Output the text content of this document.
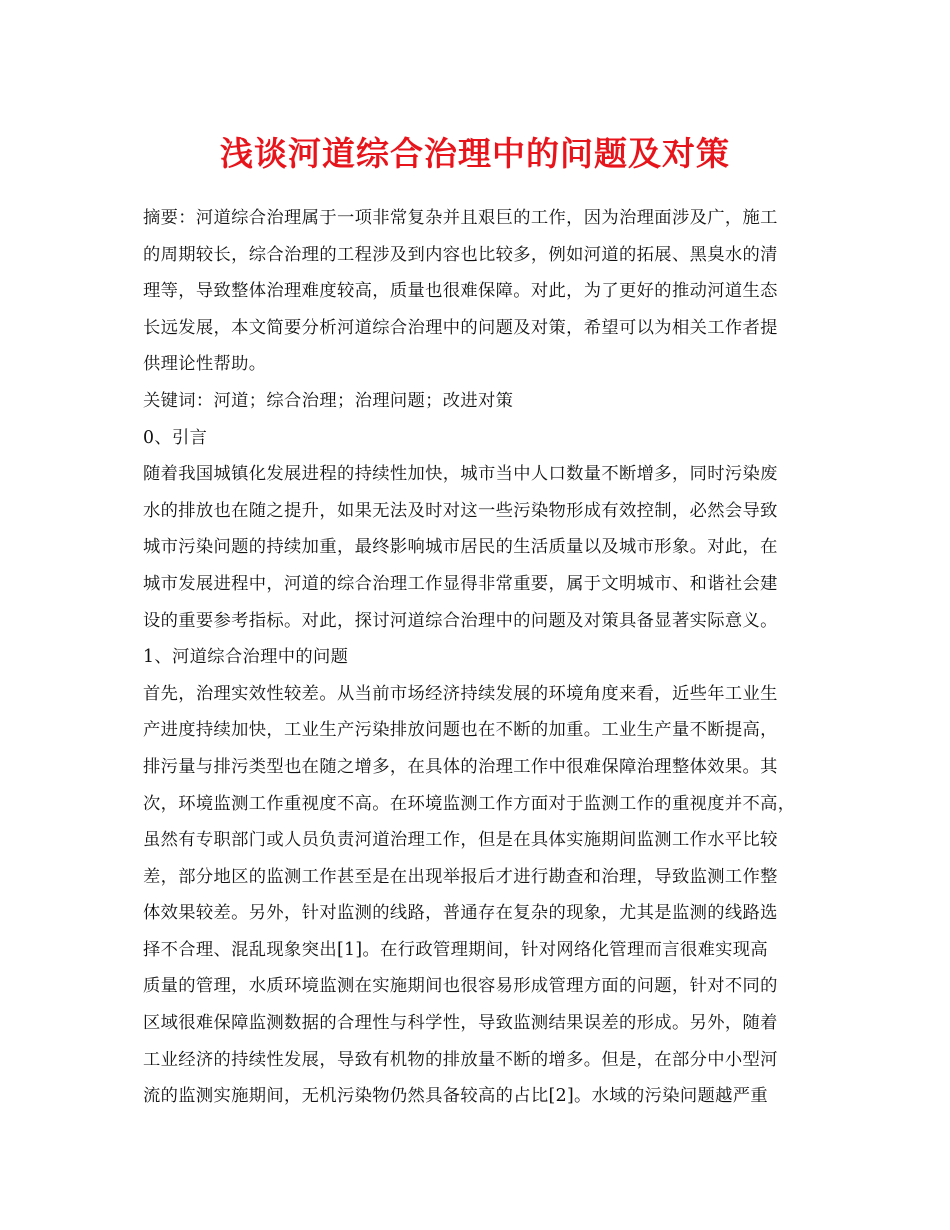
浅谈河道综合治理中的问题及对策
摘要：河道综合治理属于一项非常复杂并且艰巨的工作，因为治理面涉及广，施工
的周期较长，综合治理的工程涉及到内容也比较多，例如河道的拓展、黑臭水的清
理等，导致整体治理难度较高，质量也很难保障。对此，为了更好的推动河道生态
长远发展，本文简要分析河道综合治理中的问题及对策，希望可以为相关工作者提
供理论性帮助。
关键词：河道；综合治理；治理问题；改进对策
0、引言
随着我国城镇化发展进程的持续性加快，城市当中人口数量不断增多，同时污染废
水的排放也在随之提升，如果无法及时对这一些污染物形成有效控制，必然会导致
城市污染问题的持续加重，最终影响城市居民的生活质量以及城市形象。对此，在
城市发展进程中，河道的综合治理工作显得非常重要，属于文明城市、和谐社会建
设的重要参考指标。对此，探讨河道综合治理中的问题及对策具备显著实际意义。
1、河道综合治理中的问题
首先，治理实效性较差。从当前市场经济持续发展的环境角度来看，近些年工业生
产进度持续加快，工业生产污染排放问题也在不断的加重。工业生产量不断提高，
排污量与排污类型也在随之增多，在具体的治理工作中很难保障治理整体效果。其
次，环境监测工作重视度不高。在环境监测工作方面对于监测工作的重视度并不高，
虽然有专职部门或人员负责河道治理工作，但是在具体实施期间监测工作水平比较
差，部分地区的监测工作甚至是在出现举报后才进行勘查和治理，导致监测工作整
体效果较差。另外，针对监测的线路，普通存在复杂的现象，尤其是监测的线路选
择不合理、混乱现象突出[1]。在行政管理期间，针对网络化管理而言很难实现高
质量的管理，水质环境监测在实施期间也很容易形成管理方面的问题，针对不同的
区域很难保障监测数据的合理性与科学性，导致监测结果误差的形成。另外，随着
工业经济的持续性发展，导致有机物的排放量不断的增多。但是，在部分中小型河
流的监测实施期间，无机污染物仍然具备较高的占比[2]。水域的污染问题越严重
